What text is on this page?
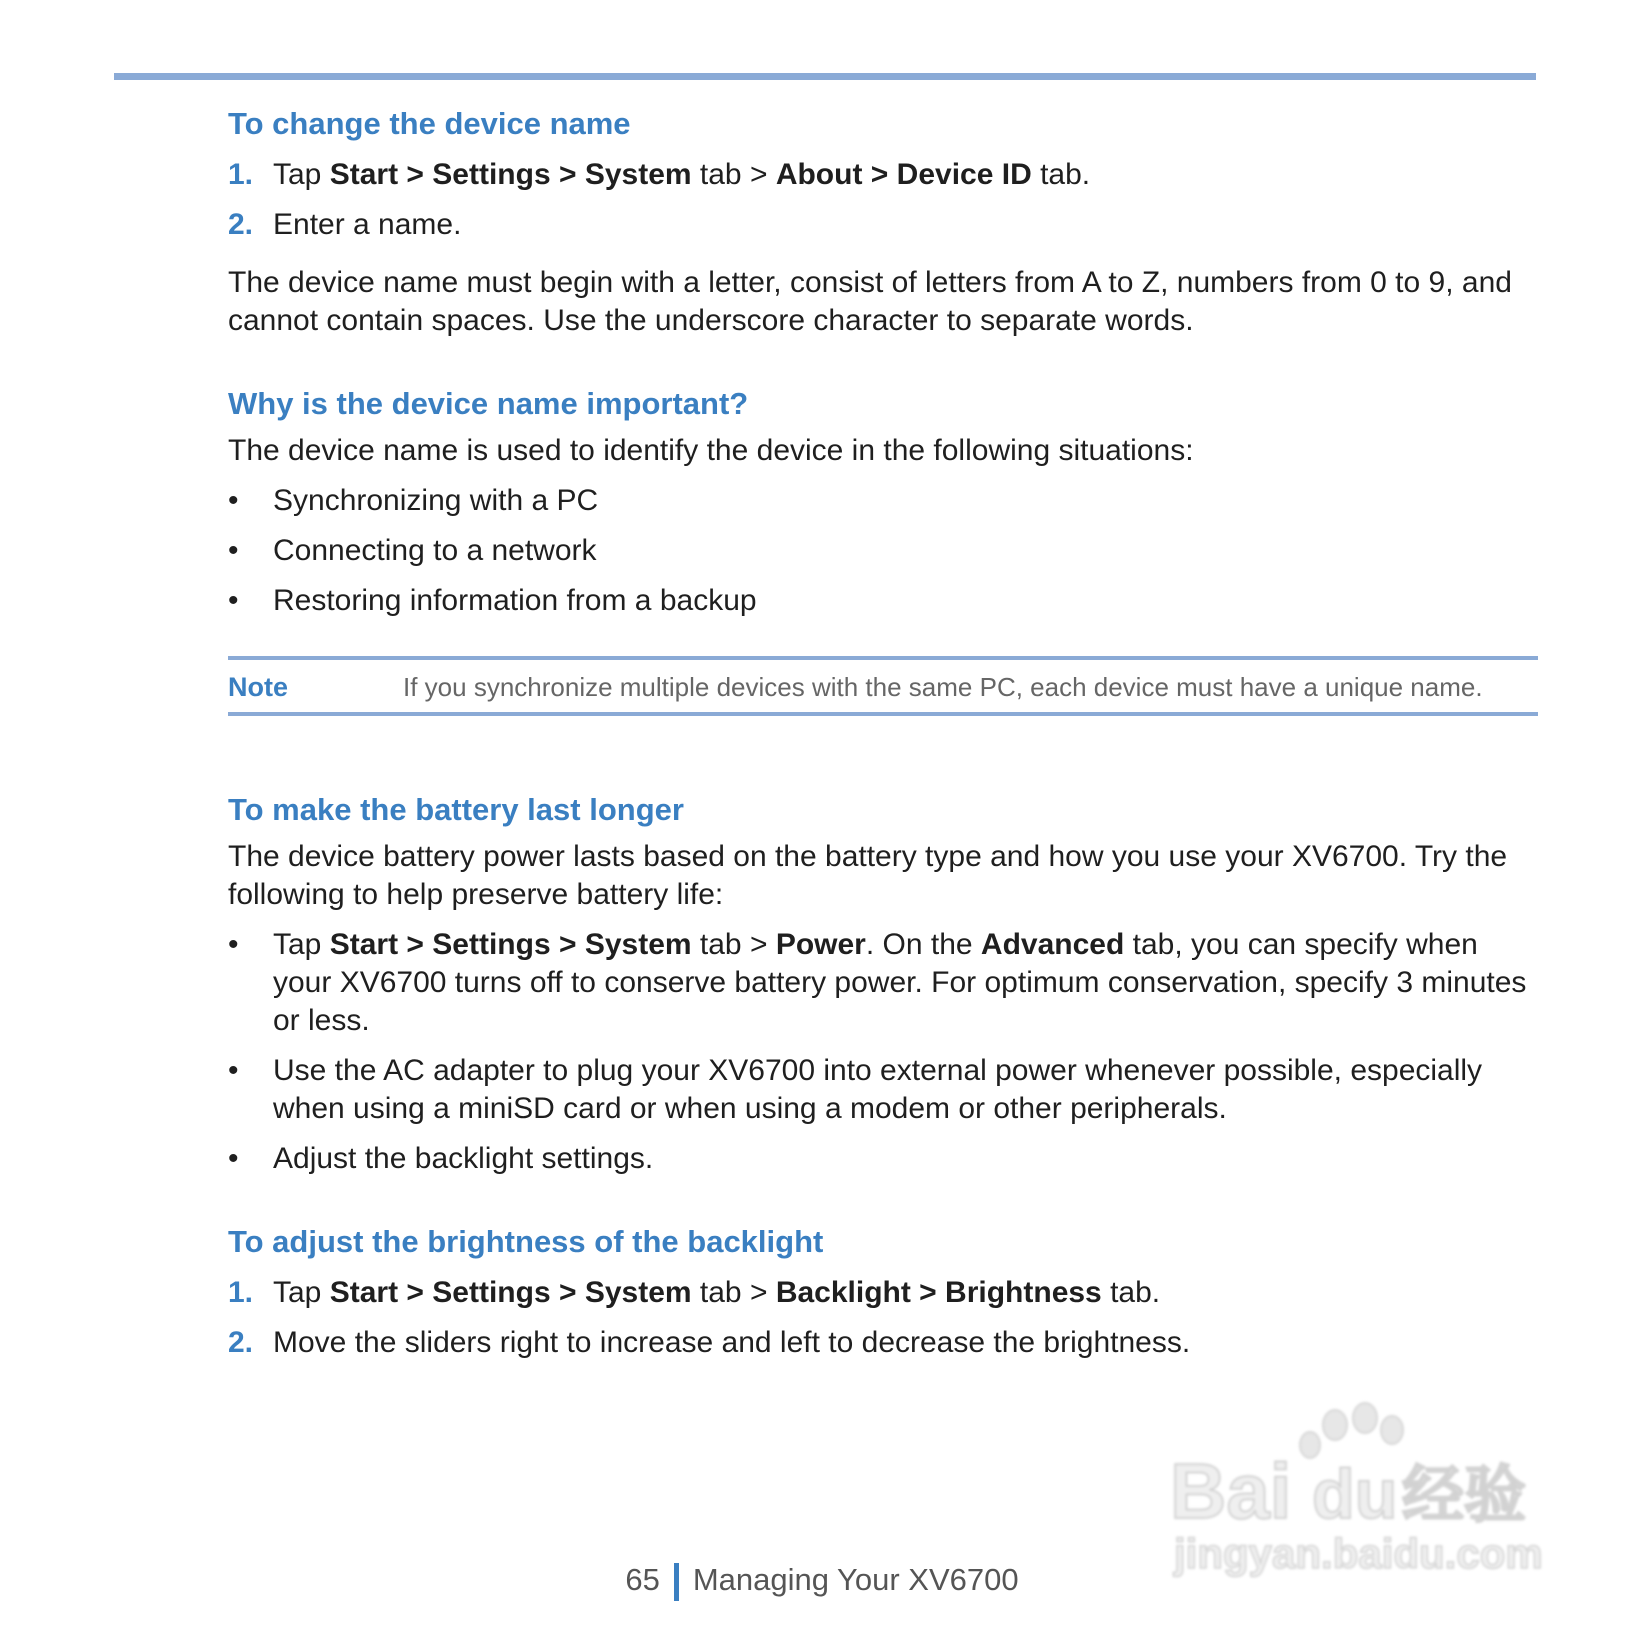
To change the device name
1. Tap Start > Settings > System tab > About > Device ID tab.
2. Enter a name.

The device name must begin with a letter, consist of letters from A to Z, numbers from 0 to 9, and cannot contain spaces. Use the underscore character to separate words.

Why is the device name important?

The device name is used to identify the device in the following situations:

•	Synchronizing with a PC
•	Connecting to a network
•	Restoring information from a backup
Note	If you synchronize multiple devices with the same PC, each device must have a unique name.
To make the battery last longer

The device battery power lasts based on the battery type and how you use your XV6700. Try the following to help preserve battery life:

•	Tap Start > Settings > System tab > Power. On the Advanced tab, you can specify when your XV6700 turns off to conserve battery power. For optimum conservation, specify 3 minutes or less.
•	Use the AC adapter to plug your XV6700 into external power whenever possible, especially when using a miniSD card or when using a modem or other peripherals.
•	Adjust the backlight settings.
To adjust the brightness of the backlight
1. Tap Start > Settings > System tab > Backlight > Brightness tab.
2. Move the sliders right to increase and left to decrease the brightness.
Bai du 经验
jingyan.baidu.com
65 Managing Your XV6700
